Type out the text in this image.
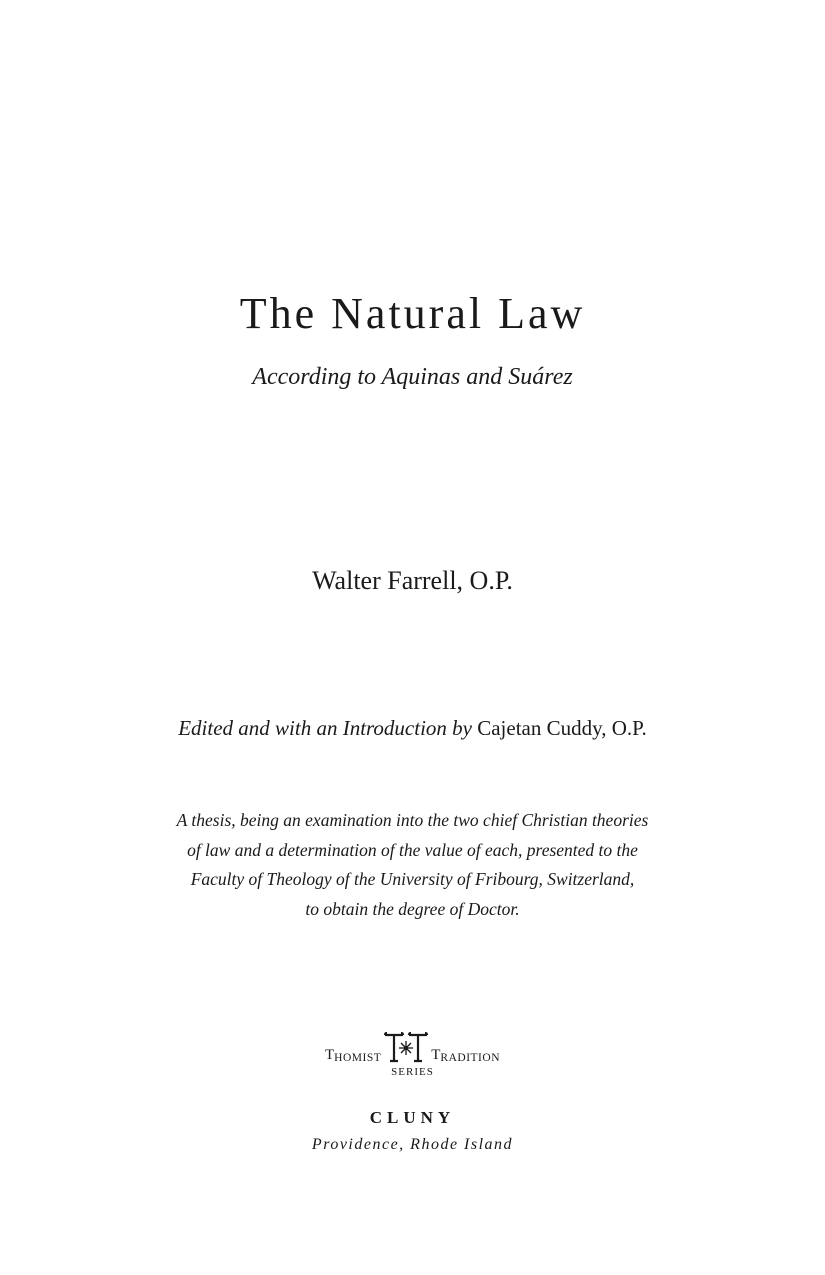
The Natural Law
According to Aquinas and Suárez
Walter Farrell, O.P.
Edited and with an Introduction by Cajetan Cuddy, O.P.
A thesis, being an examination into the two chief Christian theories
of law and a determination of the value of each, presented to the
Faculty of Theology of the University of Fribourg, Switzerland,
to obtain the degree of Doctor.
T HOMIST	T RADITION
SERIES
CLUNY
Providence, Rhode Island
